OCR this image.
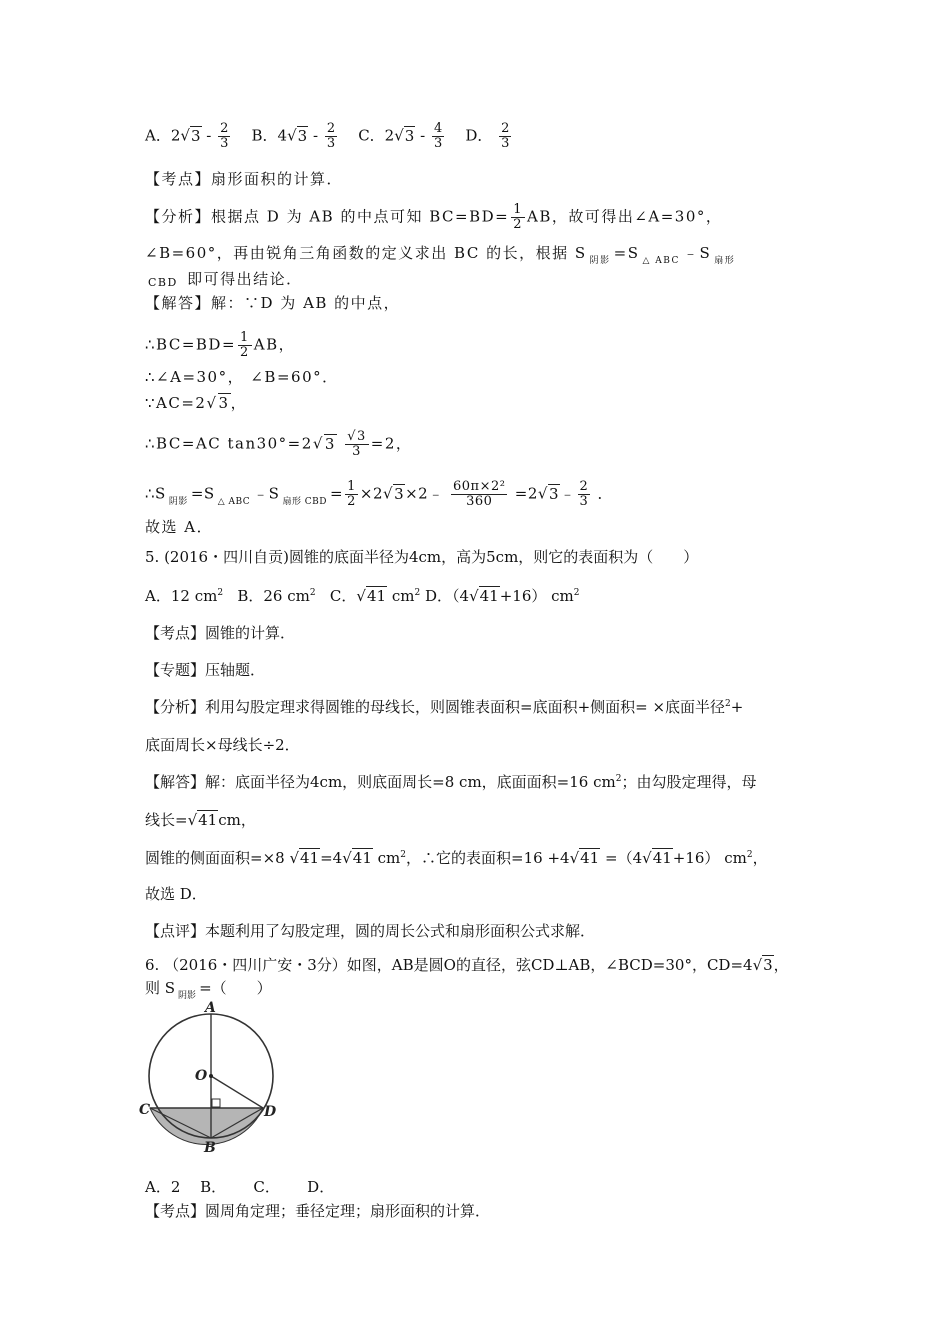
A．$2√3 - \frac{2}{3}$ B．$4√3 - \frac{2}{3}$ C．$2√3 - \frac{4}{3}$ D． $\frac{2}{3}$
【考点】扇形面积的计算．
【分析】根据点 D 为 AB 的中点可知 $BC=BD= \frac{1}{2}$ AB，故可得出∠A=30°，
∠B=60°，再由锐角三角函数的定义求出 BC 的长，根据 S $_{阴影}$ =S $_{\triangle ABC}$ ﹣S $_{扇形}$
CBD 即可得出结论．
【解答】解：∵D 为 AB 的中点，
∴BC=BD= $\frac{1}{2}$ AB，
∴∠A=30°， ∠B=60°．
∵AC=2√3，
∴BC=AC $\tan 30^\circ=2√3 \frac{√3}{3} =2$，
∴S $_{阴影}$ =S $_{\triangle ABC}$ ﹣S $_{扇形 CBD} = \frac{1}{2}$ ×2√3×2﹣ $\frac{\text{60π×2²}}{360}$ =2√3﹣ $\frac{2}{3}$ ．
故选 A．
5. (2016・四川自贡)圆锥的底面半径为4cm，高为5cm，则它的表面积为（　　）
A．12 $cm^2$ B．26 $cm^2$ C．√41 $cm^2$ D．（4√41+16） $cm^2$
【考点】圆锥的计算．
【专题】压轴题．
【分析】利用勾股定理求得圆锥的母线长，则圆锥表面积=底面积+侧面积= ×底面半径$^2$+
底面周长×母线长÷2．
【解答】解：底面半径为4cm，则底面周长=8 cm，底面面积=16 $cm^2$；由勾股定理得，母
线长=√41cm，
圆锥的侧面面积=×8 √41=4√41 $cm^2$，∴它的表面积=16 +4√41 =（4√41+16） $cm^2$，
故选 D．
【点评】本题利用了勾股定理，圆的周长公式和扇形面积公式求解．
6. （2016・四川广安・3分）如图，AB是圆O的直径，弦CD⊥AB，∠BCD=30°，CD=4√3，
则 S $_{阴影}$ =（　　）
A
O
C	D
B
A．2　 B．　 　C．　 　D．
【考点】圆周角定理；垂径定理；扇形面积的计算．
